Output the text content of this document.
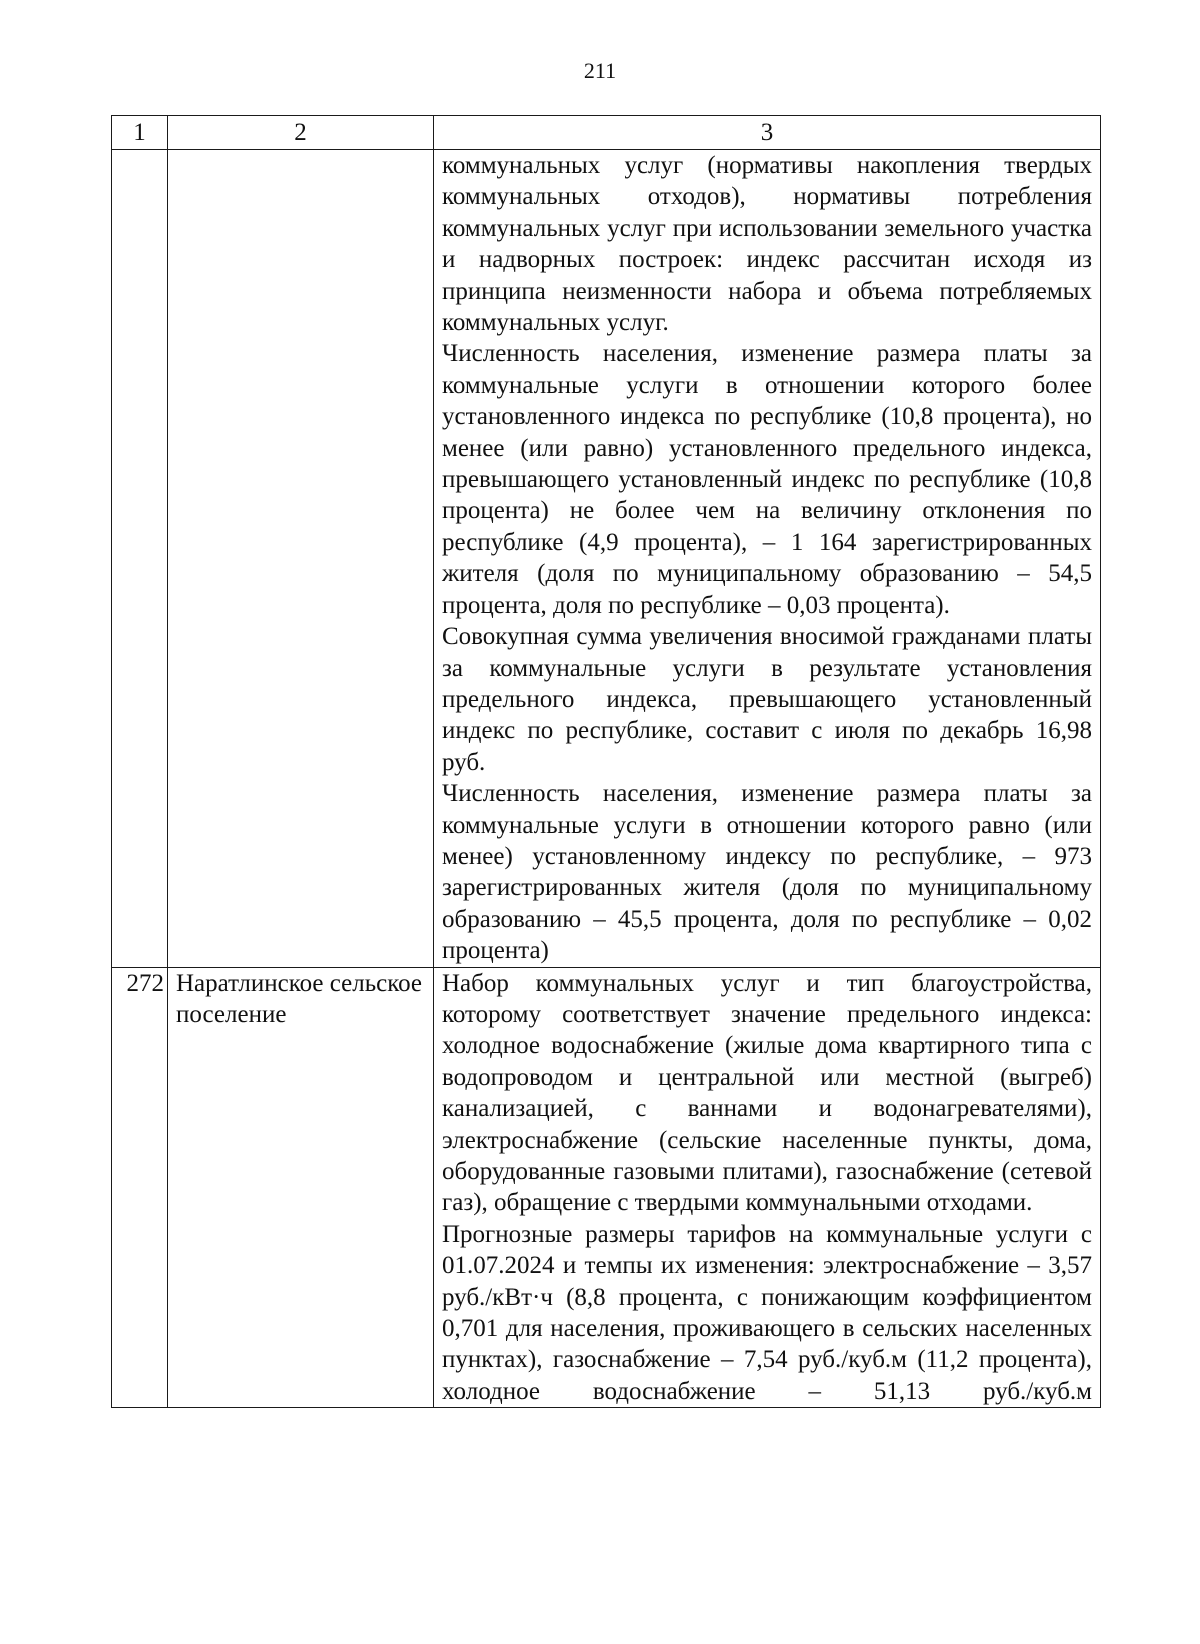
211
1	2	3

		коммунальных услуг (нормативы накопления твердых коммунальных отходов), нормативы потребления коммунальных услуг при использовании земельного участка и надворных построек: индекс рассчитан исходя из принципа неизменности набора и объема потребляемых коммунальных услуг.
Численность населения, изменение размера платы за коммунальные услуги в отношении которого более установленного индекса по республике (10,8 процента), но менее (или равно) установленного предельного индекса, превышающего установленный индекс по республике (10,8 процента) не более чем на величину отклонения по республике (4,9 процента), – 1 164 зарегистрированных жителя (доля по муниципальному образованию – 54,5 процента, доля по республике – 0,03 процента).
Совокупная сумма увеличения вносимой гражданами платы за коммунальные услуги в результате установления предельного индекса, превышающего установленный индекс по республике, составит с июля по декабрь 16,98 руб.
Численность населения, изменение размера платы за коммунальные услуги в отношении которого равно (или менее) установленному индексу по республике, – 973 зарегистрированных жителя (доля по муниципальному образованию – 45,5 процента, доля по республике – 0,02 процента)

272	Наратлинское сельское поселение	Набор коммунальных услуг и тип благоустройства, которому соответствует значение предельного индекса: холодное водоснабжение (жилые дома квартирного типа с водопроводом и центральной или местной (выгреб) канализацией, с ваннами и водонагревателями), электроснабжение (сельские населенные пункты, дома, оборудованные газовыми плитами), газоснабжение (сетевой газ), обращение с твердыми коммунальными отходами.
Прогнозные размеры тарифов на коммунальные услуги с 01.07.2024 и темпы их изменения: электроснабжение – 3,57 руб./кВт·ч (8,8 процента, с понижающим коэффициентом 0,701 для населения, проживающего в сельских населенных пунктах), газоснабжение – 7,54 руб./куб.м (11,2 процента), холодное водоснабжение – 51,13 руб./куб.м
